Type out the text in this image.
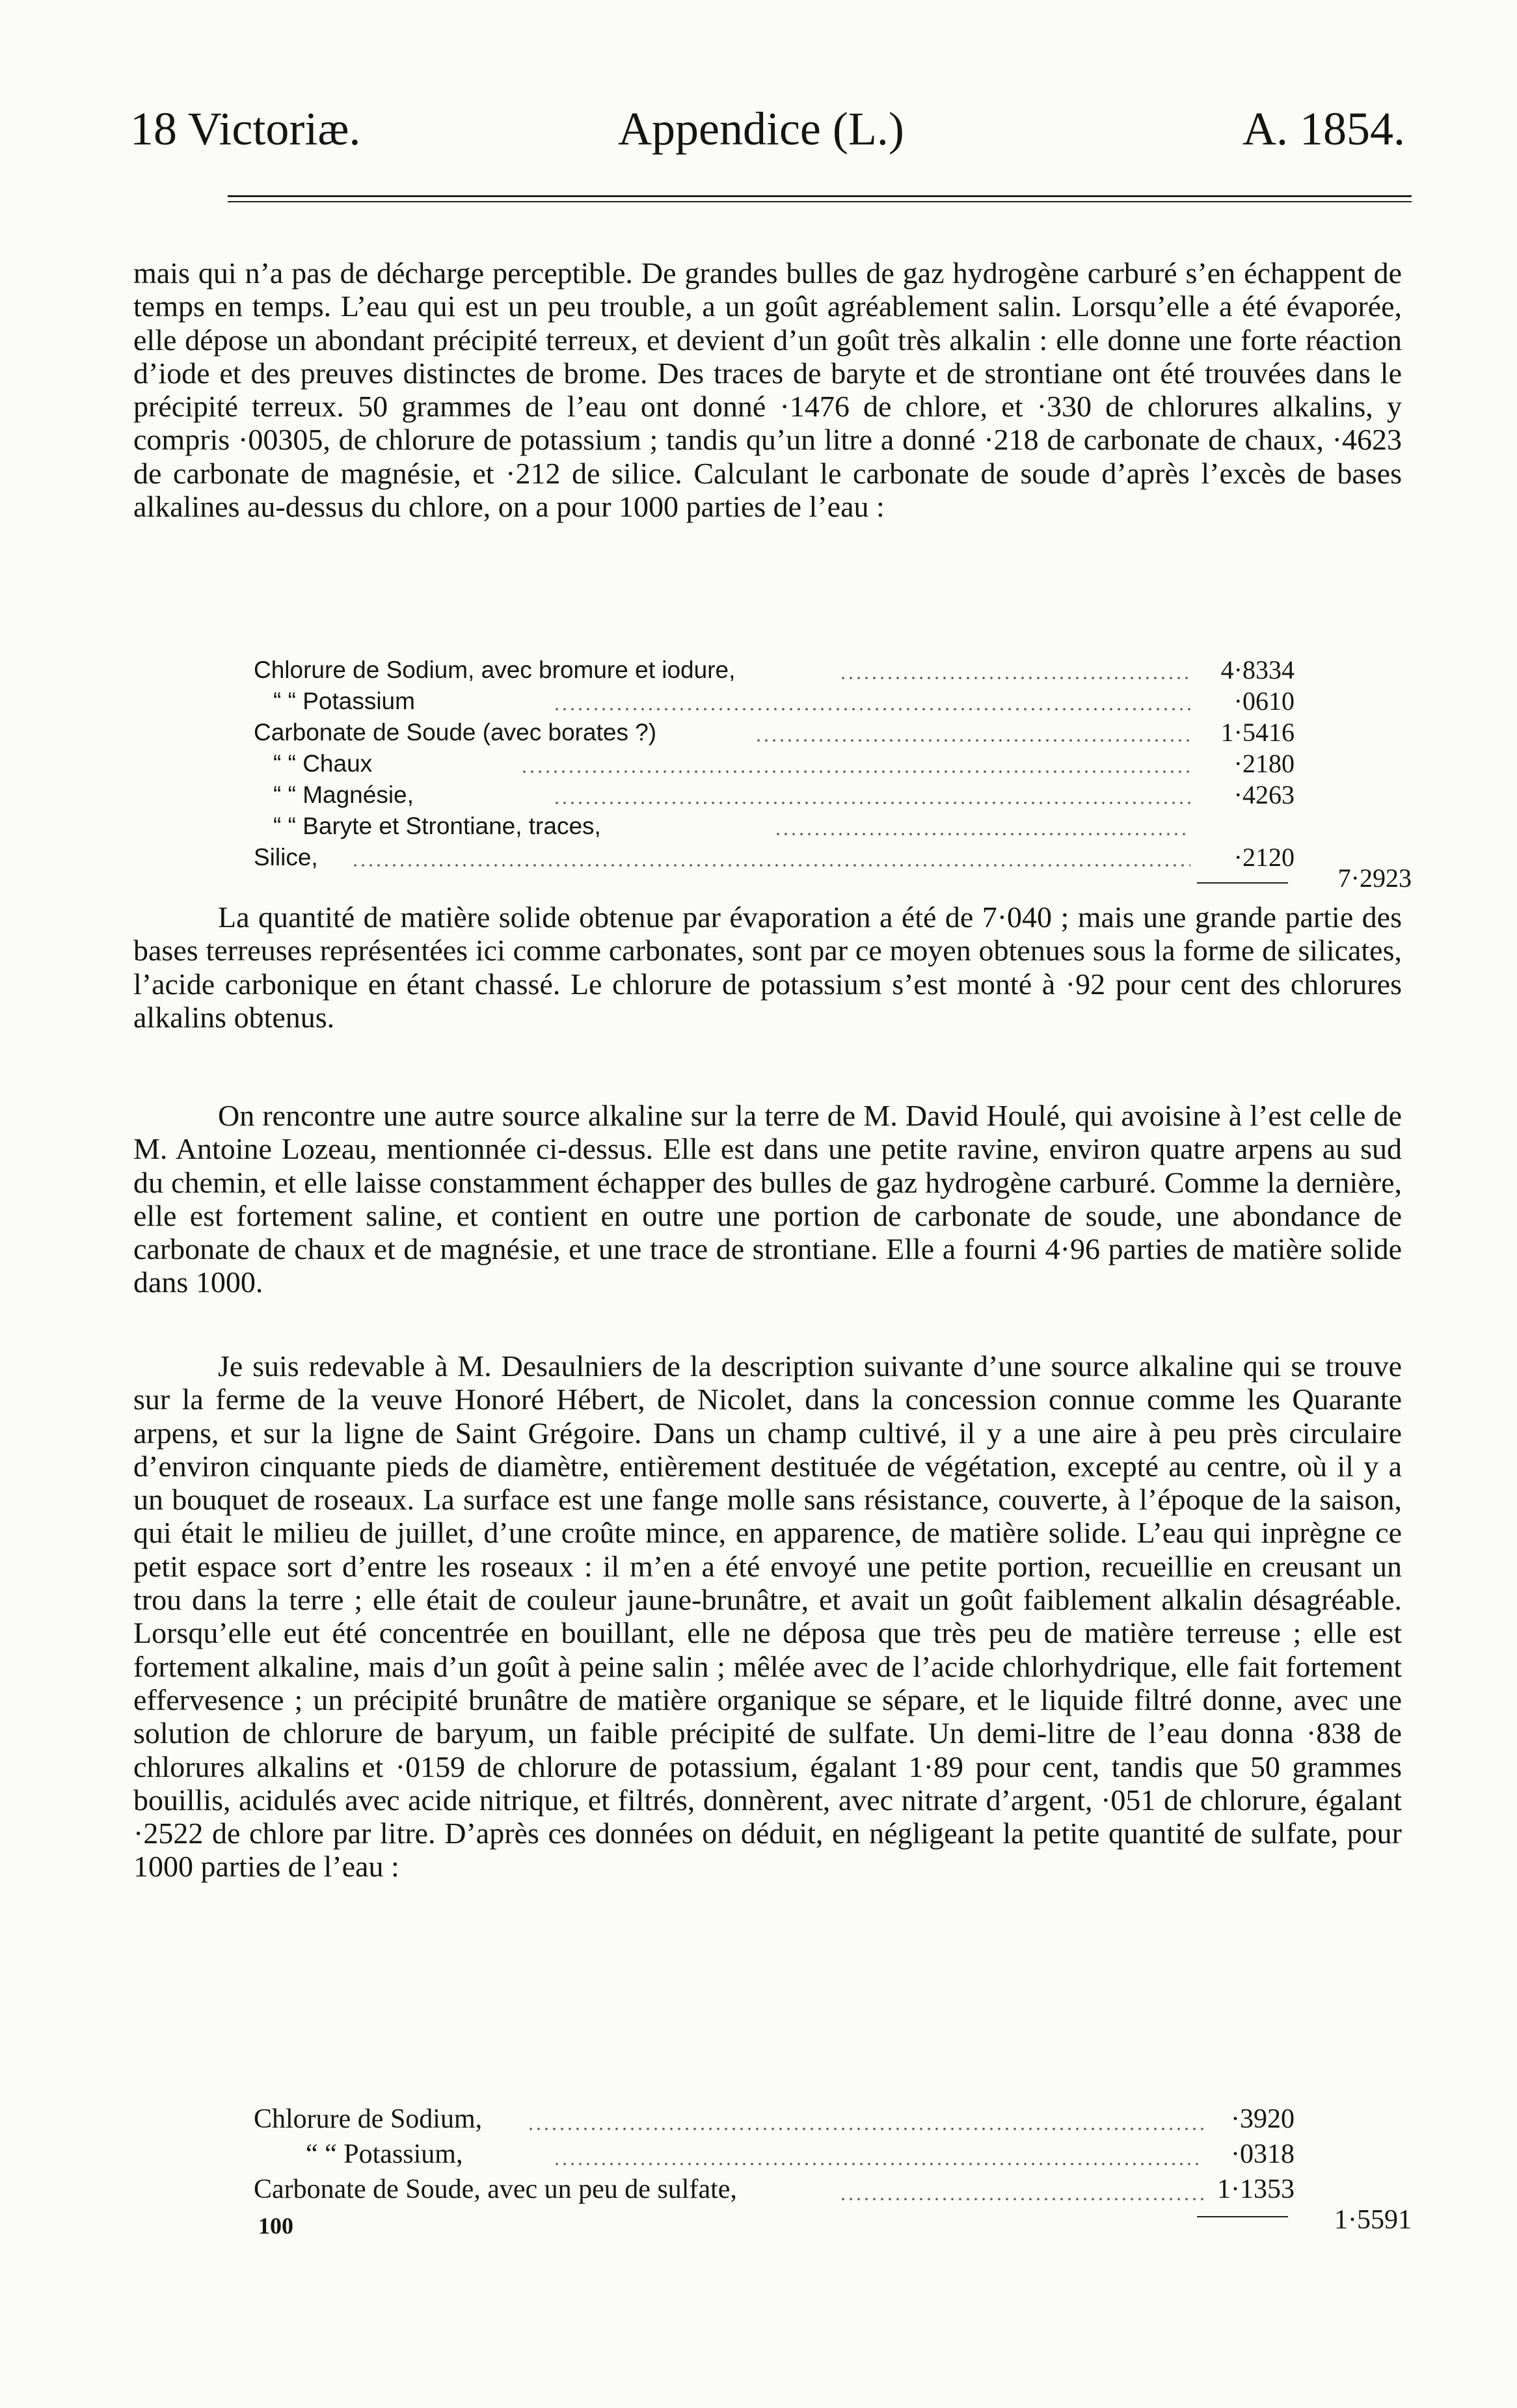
18 Victoriæ.	Appendice (L.)	A. 1854.

mais qui n’a pas de décharge perceptible. De grandes bulles de gaz hydrogène carburé s’en échappent de temps en temps. L’eau qui est un peu trouble, a un goût agréablement salin. Lorsqu’elle a été évaporée, elle dépose un abondant précipité terreux, et devient d’un goût très alkalin : elle donne une forte réaction d’iode et des preuves distinctes de brome. Des traces de baryte et de strontiane ont été trouvées dans le précipité terreux. 50 grammes de l’eau ont donné ·1476 de chlore, et ·330 de chlorures alkalins, y compris ·00305, de chlorure de potassium ; tandis qu’un litre a donné ·218 de carbonate de chaux, ·4623 de carbonate de magnésie, et ·212 de silice. Calculant le carbonate de soude d’après l’excès de bases alkalines au-dessus du chlore, on a pour 1000 parties de l’eau :

Chlorure de Sodium, avec bromure et iodure,	4·8334
“ “ Potassium	·0610
Carbonate de Soude (avec borates ?)	1·5416
“ “ Chaux	·2180
“ “ Magnésie,	·4263
“ “ Baryte et Strontiane, traces,
Silice,	·2120
7·2923

La quantité de matière solide obtenue par évaporation a été de 7·040 ; mais une grande partie des bases terreuses représentées ici comme carbonates, sont par ce moyen obtenues sous la forme de silicates, l’acide carbonique en étant chassé. Le chlorure de potassium s’est monté à ·92 pour cent des chlorures alkalins obtenus.

On rencontre une autre source alkaline sur la terre de M. David Houlé, qui avoisine à l’est celle de M. Antoine Lozeau, mentionnée ci-dessus. Elle est dans une petite ravine, environ quatre arpens au sud du chemin, et elle laisse constamment échapper des bulles de gaz hydrogène carburé. Comme la dernière, elle est fortement saline, et contient en outre une portion de carbonate de soude, une abondance de carbonate de chaux et de magnésie, et une trace de strontiane. Elle a fourni 4·96 parties de matière solide dans 1000.

Je suis redevable à M. Desaulniers de la description suivante d’une source alkaline qui se trouve sur la ferme de la veuve Honoré Hébert, de Nicolet, dans la concession connue comme les Quarante arpens, et sur la ligne de Saint Grégoire. Dans un champ cultivé, il y a une aire à peu près circulaire d’environ cinquante pieds de diamètre, entièrement destituée de végétation, excepté au centre, où il y a un bouquet de roseaux. La surface est une fange molle sans résistance, couverte, à l’époque de la saison, qui était le milieu de juillet, d’une croûte mince, en apparence, de matière solide. L’eau qui inprègne ce petit espace sort d’entre les roseaux : il m’en a été envoyé une petite portion, recueillie en creusant un trou dans la terre ; elle était de couleur jaune-brunâtre, et avait un goût faiblement alkalin désagréable. Lorsqu’elle eut été concentrée en bouillant, elle ne déposa que très peu de matière terreuse ; elle est fortement alkaline, mais d’un goût à peine salin ; mêlée avec de l’acide chlorhydrique, elle fait fortement effervesence ; un précipité brunâtre de matière organique se sépare, et le liquide filtré donne, avec une solution de chlorure de baryum, un faible précipité de sulfate. Un demi-litre de l’eau donna ·838 de chlorures alkalins et ·0159 de chlorure de potassium, égalant 1·89 pour cent, tandis que 50 grammes bouillis, acidulés avec acide nitrique, et filtrés, donnèrent, avec nitrate d’argent, ·051 de chlorure, égalant ·2522 de chlore par litre. D’après ces données on déduit, en négligeant la petite quantité de sulfate, pour 1000 parties de l’eau :

Chlorure de Sodium,	·3920
“ “ Potassium,	·0318
Carbonate de Soude, avec un peu de sulfate,	1·1353
1·5591
100
